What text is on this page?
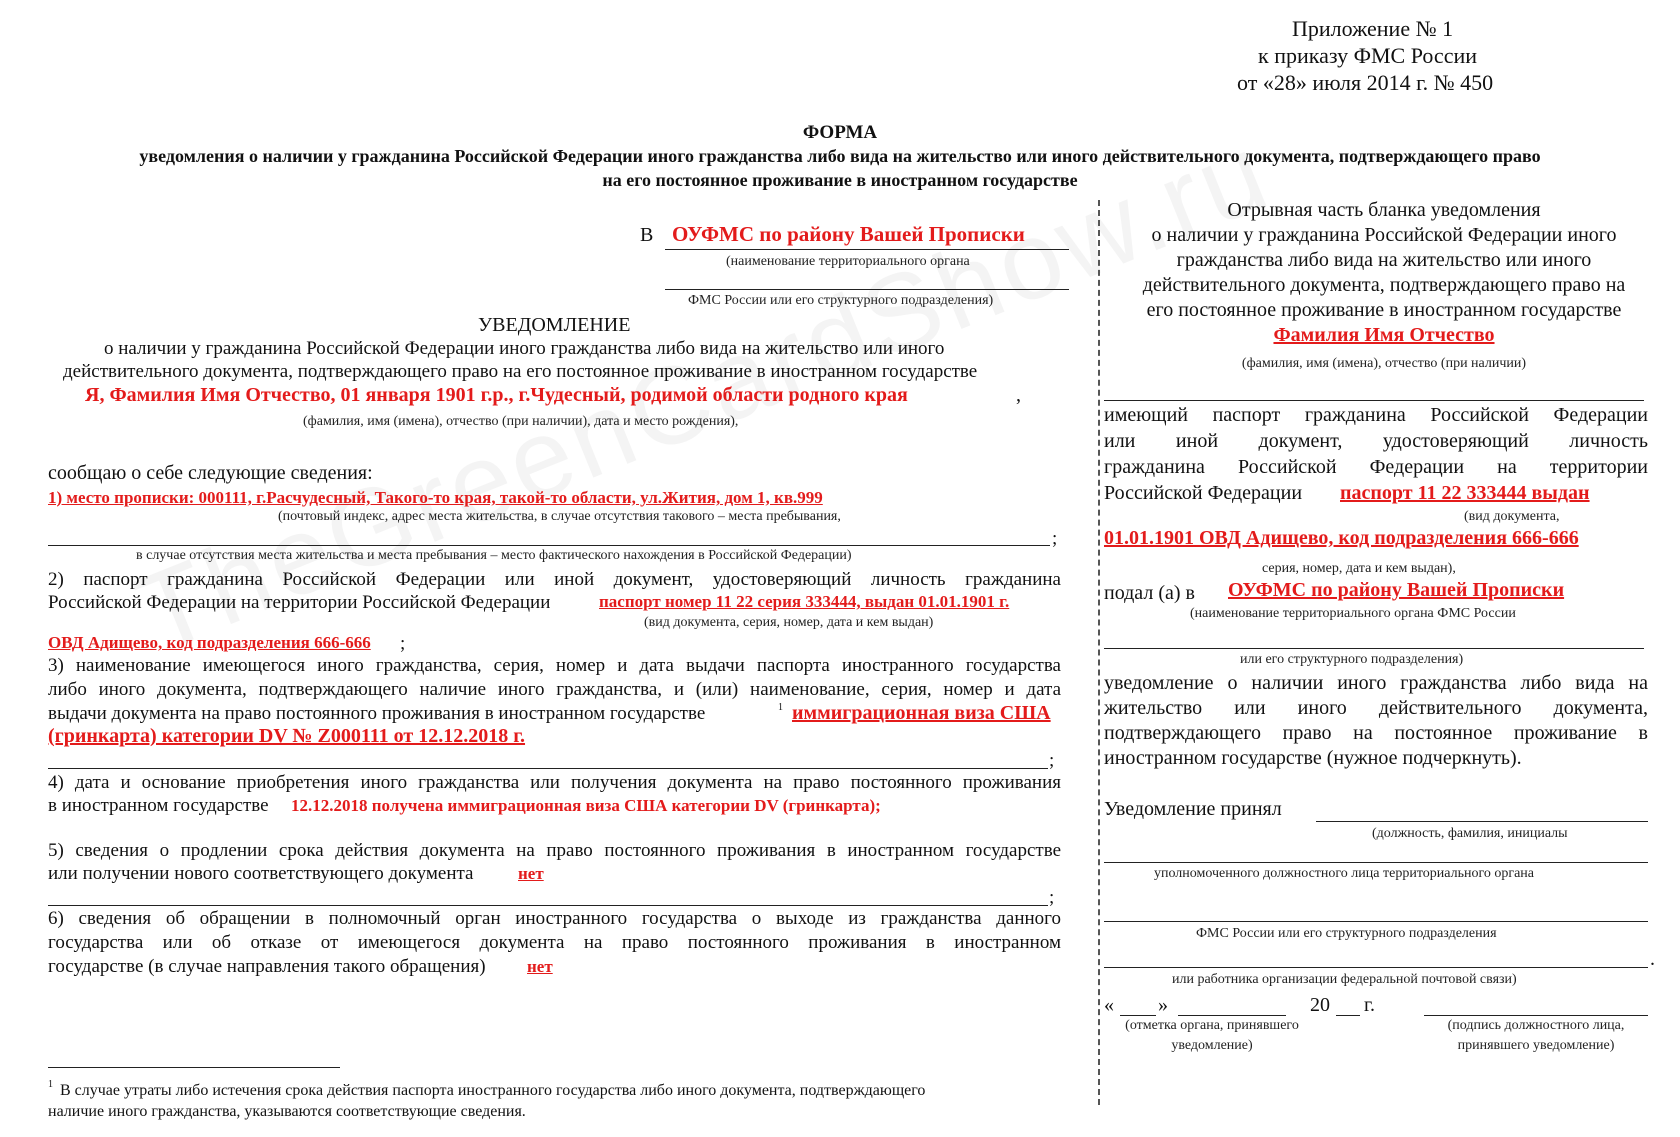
Приложение № 1
к приказу ФМС России
от «28» июля 2014 г. № 450
ФОРМА
уведомления о наличии у гражданина Российской Федерации иного гражданства либо вида на жительство или иного действительного документа, подтверждающего право
на его постоянное проживание в иностранном государстве
В ОУФМС по району Вашей Прописки
(наименование территориального органа
ФМС России или его структурного подразделения)
УВЕДОМЛЕНИЕ
о наличии у гражданина Российской Федерации иного гражданства либо вида на жительство или иного
действительного документа, подтверждающего право на его постоянное проживание в иностранном государстве
Я, Фамилия Имя Отчество, 01 января 1901 г.р., г.Чудесный, родимой области родного края	,
(фамилия, имя (имена), отчество (при наличии), дата и место рождения),
сообщаю о себе следующие сведения:
1) место прописки: 000111, г.Расчудесный, Такого-то края, такой-то области, ул.Жития, дом 1, кв.999
(почтовый индекс, адрес места жительства, в случае отсутствия такового – места пребывания,
;
в случае отсутствия места жительства и места пребывания – место фактического нахождения в Российской Федерации)
2) паспорт гражданина Российской Федерации или иной документ, удостоверяющий личность гражданина
Российской Федерации на территории Российской Федерации	паспорт номер 11 22 серия 333444, выдан 01.01.1901 г.
(вид документа, серия, номер, дата и кем выдан)
ОВД Адищево, код подразделения 666-666 ;
3) наименование имеющегося иного гражданства, серия, номер и дата выдачи паспорта иностранного государства
либо иного документа, подтверждающего наличие иного гражданства, и (или) наименование, серия, номер и дата
выдачи документа на право постоянного проживания в иностранном государстве	1 иммиграционная виза США
(гринкарта) категории DV № Z000111 от 12.12.2018 г.
;
4) дата и основание приобретения иного гражданства или получения документа на право постоянного проживания
в иностранном государстве 12.12.2018 получена иммиграционная виза США категории DV (гринкарта);
5) сведения о продлении срока действия документа на право постоянного проживания в иностранном государстве
или получении нового соответствующего документа	нет
;
6) сведения об обращении в полномочный орган иностранного государства о выходе из гражданства данного
государства или об отказе от имеющегося документа на право постоянного проживания в иностранном
государстве (в случае направления такого обращения) нет
1 В случае утраты либо истечения срока действия паспорта иностранного государства либо иного документа, подтверждающего
наличие иного гражданства, указываются соответствующие сведения.
Отрывная часть бланка уведомления
о наличии у гражданина Российской Федерации иного
гражданства либо вида на жительство или иного
действительного документа, подтверждающего право на
его постоянное проживание в иностранном государстве
Фамилия Имя Отчество
(фамилия, имя (имена), отчество (при наличии)
имеющий паспорт гражданина Российской Федерации
или иной документ, удостоверяющий личность
гражданина Российской Федерации на территории
Российской Федерации паспорт 11 22 333444 выдан
(вид документа,
01.01.1901 ОВД Адищево, код подразделения 666-666
серия, номер, дата и кем выдан),
подал (а) в ОУФМС по району Вашей Прописки
(наименование территориального органа ФМС России
или его структурного подразделения)
уведомление о наличии иного гражданства либо вида на
жительство или иного действительного документа,
подтверждающего право на постоянное проживание в
иностранном государстве (нужное подчеркнуть).
Уведомление принял
(должность, фамилия, инициалы
уполномоченного должностного лица территориального органа
ФМС России или его структурного подразделения
.
или работника организации федеральной почтовой связи)
« »	20 г.
(отметка органа, принявшего
уведомление)
(подпись должностного лица,
принявшего уведомление)
